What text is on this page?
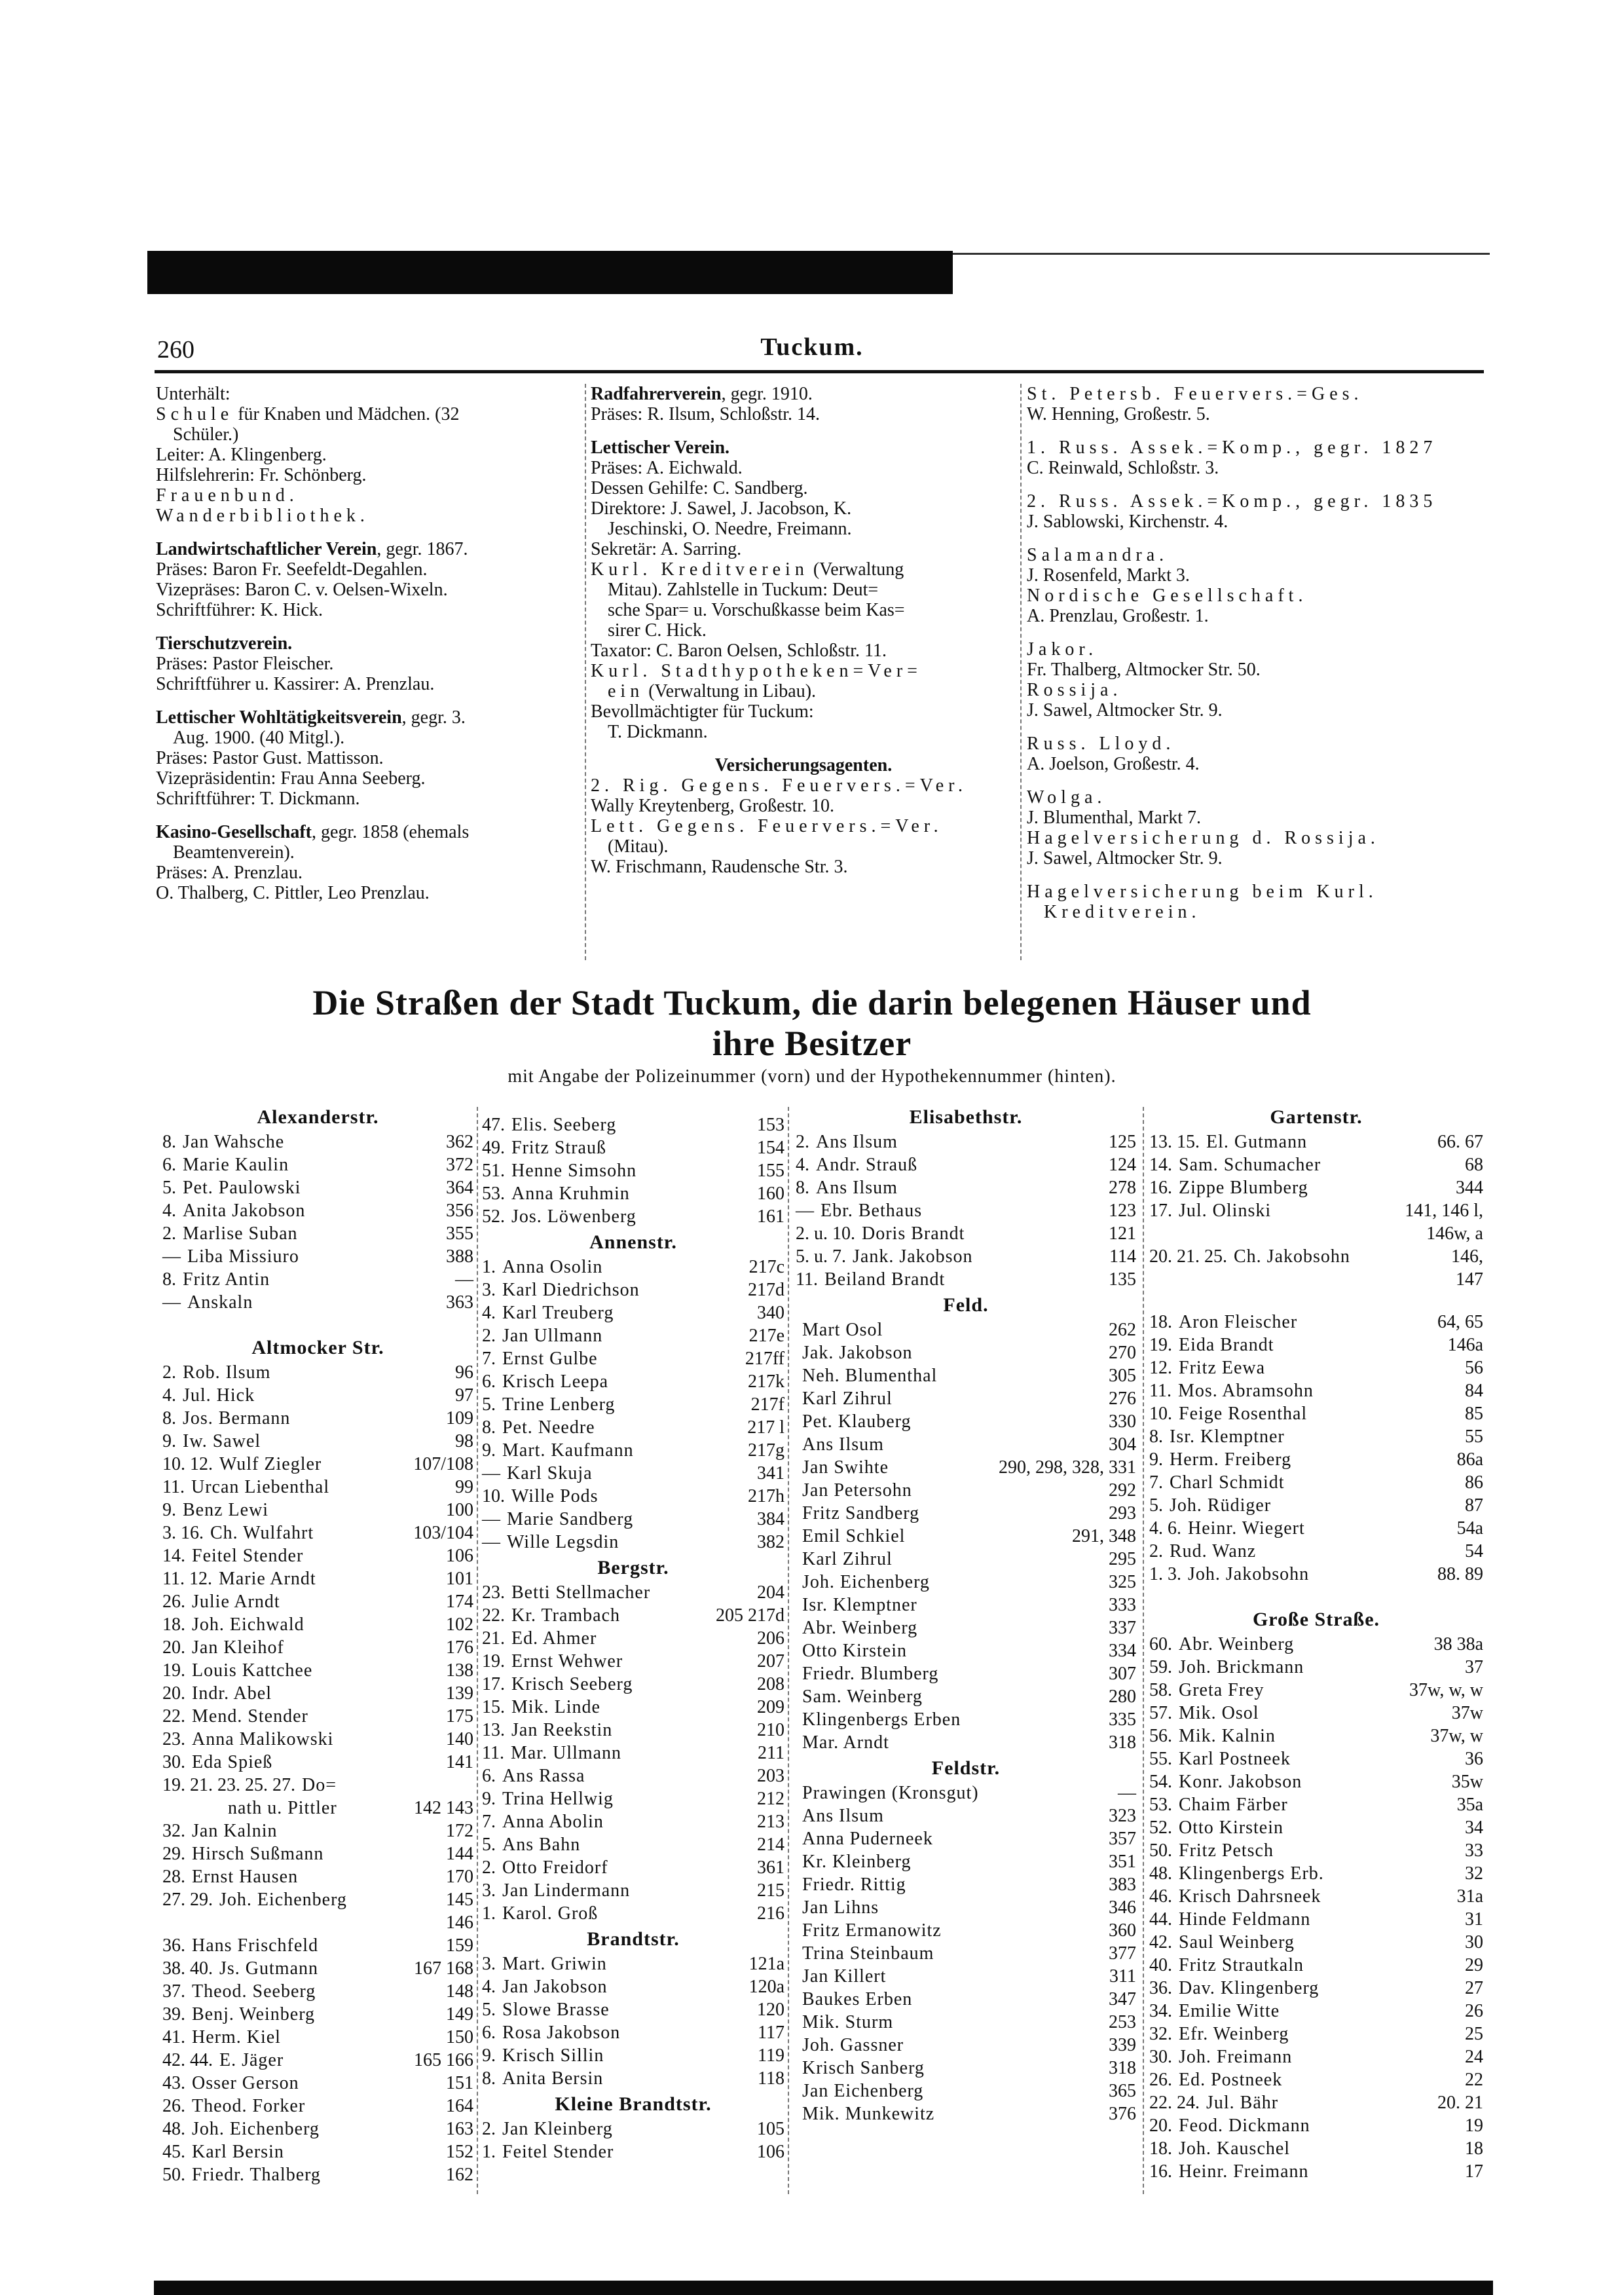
260	Tuckum.
Unterhält:
Schule für Knaben und Mädchen. (32
Schüler.)
Leiter: A. Klingenberg.
Hilfslehrerin: Fr. Schönberg.
Frauenbund.
Wanderbibliothek.
Landwirtschaftlicher Verein, gegr. 1867.
Präses: Baron Fr. Seefeldt-Degahlen.
Vizepräses: Baron C. v. Oelsen-Wixeln.
Schriftführer: K. Hick.
Tierschutzverein.
Präses: Pastor Fleischer.
Schriftführer u. Kassirer: A. Prenzlau.
Lettischer Wohltätigkeitsverein, gegr. 3.
Aug. 1900. (40 Mitgl.).
Präses: Pastor Gust. Mattisson.
Vizepräsidentin: Frau Anna Seeberg.
Schriftführer: T. Dickmann.
Kasino-Gesellschaft, gegr. 1858 (ehemals
Beamtenverein).
Präses: A. Prenzlau.
O. Thalberg, C. Pittler, Leo Prenzlau.
Radfahrerverein, gegr. 1910.
Präses: R. Ilsum, Schloßstr. 14.
Lettischer Verein.
Präses: A. Eichwald.
Dessen Gehilfe: C. Sandberg.
Direktore: J. Sawel, J. Jacobson, K.
Jeschinski, O. Needre, Freimann.
Sekretär: A. Sarring.
Kurl. Kreditverein (Verwaltung
Mitau). Zahlstelle in Tuckum: Deut=
sche Spar= u. Vorschußkasse beim Kas=
sirer C. Hick.
Taxator: C. Baron Oelsen, Schloßstr. 11.
Kurl. Stadthypotheken=Ver=
ein (Verwaltung in Libau).
Bevollmächtigter für Tuckum:
T. Dickmann.
Versicherungsagenten.
2. Rig. Gegens. Feuervers.=Ver.
Wally Kreytenberg, Großestr. 10.
Lett. Gegens. Feuervers.=Ver.
(Mitau).
W. Frischmann, Raudensche Str. 3.
St. Petersb. Feuervers.=Ges.
W. Henning, Großestr. 5.
1. Russ. Assek.=Komp., gegr. 1827
C. Reinwald, Schloßstr. 3.
2. Russ. Assek.=Komp., gegr. 1835
J. Sablowski, Kirchenstr. 4.
Salamandra.
J. Rosenfeld, Markt 3.
Nordische Gesellschaft.
A. Prenzlau, Großestr. 1.
Jakor.
Fr. Thalberg, Altmocker Str. 50.
Rossija.
J. Sawel, Altmocker Str. 9.
Russ. Lloyd.
A. Joelson, Großestr. 4.
Wolga.
J. Blumenthal, Markt 7.
Hagelversicherung d. Rossija.
J. Sawel, Altmocker Str. 9.
Hagelversicherung beim Kurl.
Kreditverein.
Die Straßen der Stadt Tuckum, die darin belegenen Häuser und
ihre Besitzer
mit Angabe der Polizeinummer (vorn) und der Hypothekennummer (hinten).
Alexanderstr.
8. Jan Wahsche	362
6. Marie Kaulin	372
5. Pet. Paulowski	364
4. Anita Jakobson	356
2. Marlise Suban	355
— Liba Missiuro	388
8. Fritz Antin	—
— Anskaln	363
Altmocker Str.
2. Rob. Ilsum	96
4. Jul. Hick	97
8. Jos. Bermann	109
9. Iw. Sawel	98
10. 12. Wulf Ziegler	107/108
11. Urcan Liebenthal	99
9. Benz Lewi	100
3. 16. Ch. Wulfahrt	103/104
14. Feitel Stender	106
11. 12. Marie Arndt	101
26. Julie Arndt	174
18. Joh. Eichwald	102
20. Jan Kleihof	176
19. Louis Kattchee	138
20. Indr. Abel	139
22. Mend. Stender	175
23. Anna Malikowski	140
30. Eda Spieß	141
19. 21. 23. 25. 27. Do=
nath u. Pittler	142 143
32. Jan Kalnin	172
29. Hirsch Sußmann	144
28. Ernst Hausen	170
27. 29. Joh. Eichenberg	145
146
36. Hans Frischfeld	159
38. 40. Js. Gutmann	167 168
37. Theod. Seeberg	148
39. Benj. Weinberg	149
41. Herm. Kiel	150
42. 44. E. Jäger	165 166
43. Osser Gerson	151
26. Theod. Forker	164
48. Joh. Eichenberg	163
45. Karl Bersin	152
50. Friedr. Thalberg	162
47. Elis. Seeberg	153
49. Fritz Strauß	154
51. Henne Simsohn	155
53. Anna Kruhmin	160
52. Jos. Löwenberg	161
Annenstr.
1. Anna Osolin	217c
3. Karl Diedrichson	217d
4. Karl Treuberg	340
2. Jan Ullmann	217e
7. Ernst Gulbe	217ff
6. Krisch Leepa	217k
5. Trine Lenberg	217f
8. Pet. Needre	217 l
9. Mart. Kaufmann	217g
— Karl Skuja	341
10. Wille Pods	217h
— Marie Sandberg	384
— Wille Legsdin	382
Bergstr.
23. Betti Stellmacher	204
22. Kr. Trambach	205 217d
21. Ed. Ahmer	206
19. Ernst Wehwer	207
17. Krisch Seeberg	208
15. Mik. Linde	209
13. Jan Reekstin	210
11. Mar. Ullmann	211
6. Ans Rassa	203
9. Trina Hellwig	212
7. Anna Abolin	213
5. Ans Bahn	214
2. Otto Freidorf	361
3. Jan Lindermann	215
1. Karol. Groß	216
Brandtstr.
3. Mart. Griwin	121a
4. Jan Jakobson	120a
5. Slowe Brasse	120
6. Rosa Jakobson	117
9. Krisch Sillin	119
8. Anita Bersin	118
Kleine Brandtstr.
2. Jan Kleinberg	105
1. Feitel Stender	106
Elisabethstr.
2. Ans Ilsum	125
4. Andr. Strauß	124
8. Ans Ilsum	278
— Ebr. Bethaus	123
2. u. 10. Doris Brandt	121
5. u. 7. Jank. Jakobson	114
11. Beiland Brandt	135
Feld.
Mart Osol	262
Jak. Jakobson	270
Neh. Blumenthal	305
Karl Zihrul	276
Pet. Klauberg	330
Ans Ilsum	304
Jan Swihte	290, 298, 328, 331
Jan Petersohn	292
Fritz Sandberg	293
Emil Schkiel	291, 348
Karl Zihrul	295
Joh. Eichenberg	325
Isr. Klemptner	333
Abr. Weinberg	337
Otto Kirstein	334
Friedr. Blumberg	307
Sam. Weinberg	280
Klingenbergs Erben	335
Mar. Arndt	318
Feldstr.
Prawingen (Kronsgut)	—
Ans Ilsum	323
Anna Puderneek	357
Kr. Kleinberg	351
Friedr. Rittig	383
Jan Lihns	346
Fritz Ermanowitz	360
Trina Steinbaum	377
Jan Killert	311
Baukes Erben	347
Mik. Sturm	253
Joh. Gassner	339
Krisch Sanberg	318
Jan Eichenberg	365
Mik. Munkewitz	376
Gartenstr.
13. 15. El. Gutmann	66. 67
14. Sam. Schumacher	68
16. Zippe Blumberg	344
17. Jul. Olinski	141, 146 l,
146w, a
20. 21. 25. Ch. Jakobsohn	146,
147
18. Aron Fleischer	64, 65
19. Eida Brandt	146a
12. Fritz Eewa	56
11. Mos. Abramsohn	84
10. Feige Rosenthal	85
8. Isr. Klemptner	55
9. Herm. Freiberg	86a
7. Charl Schmidt	86
5. Joh. Rüdiger	87
4. 6. Heinr. Wiegert	54a
2. Rud. Wanz	54
1. 3. Joh. Jakobsohn	88. 89
Große Straße.
60. Abr. Weinberg	38 38a
59. Joh. Brickmann	37
58. Greta Frey	37w, w, w
57. Mik. Osol	37w
56. Mik. Kalnin	37w, w
55. Karl Postneek	36
54. Konr. Jakobson	35w
53. Chaim Färber	35a
52. Otto Kirstein	34
50. Fritz Petsch	33
48. Klingenbergs Erb.	32
46. Krisch Dahrsneek	31a
44. Hinde Feldmann	31
42. Saul Weinberg	30
40. Fritz Strautkaln	29
36. Dav. Klingenberg	27
34. Emilie Witte	26
32. Efr. Weinberg	25
30. Joh. Freimann	24
26. Ed. Postneek	22
22. 24. Jul. Bähr	20. 21
20. Feod. Dickmann	19
18. Joh. Kauschel	18
16. Heinr. Freimann	17
